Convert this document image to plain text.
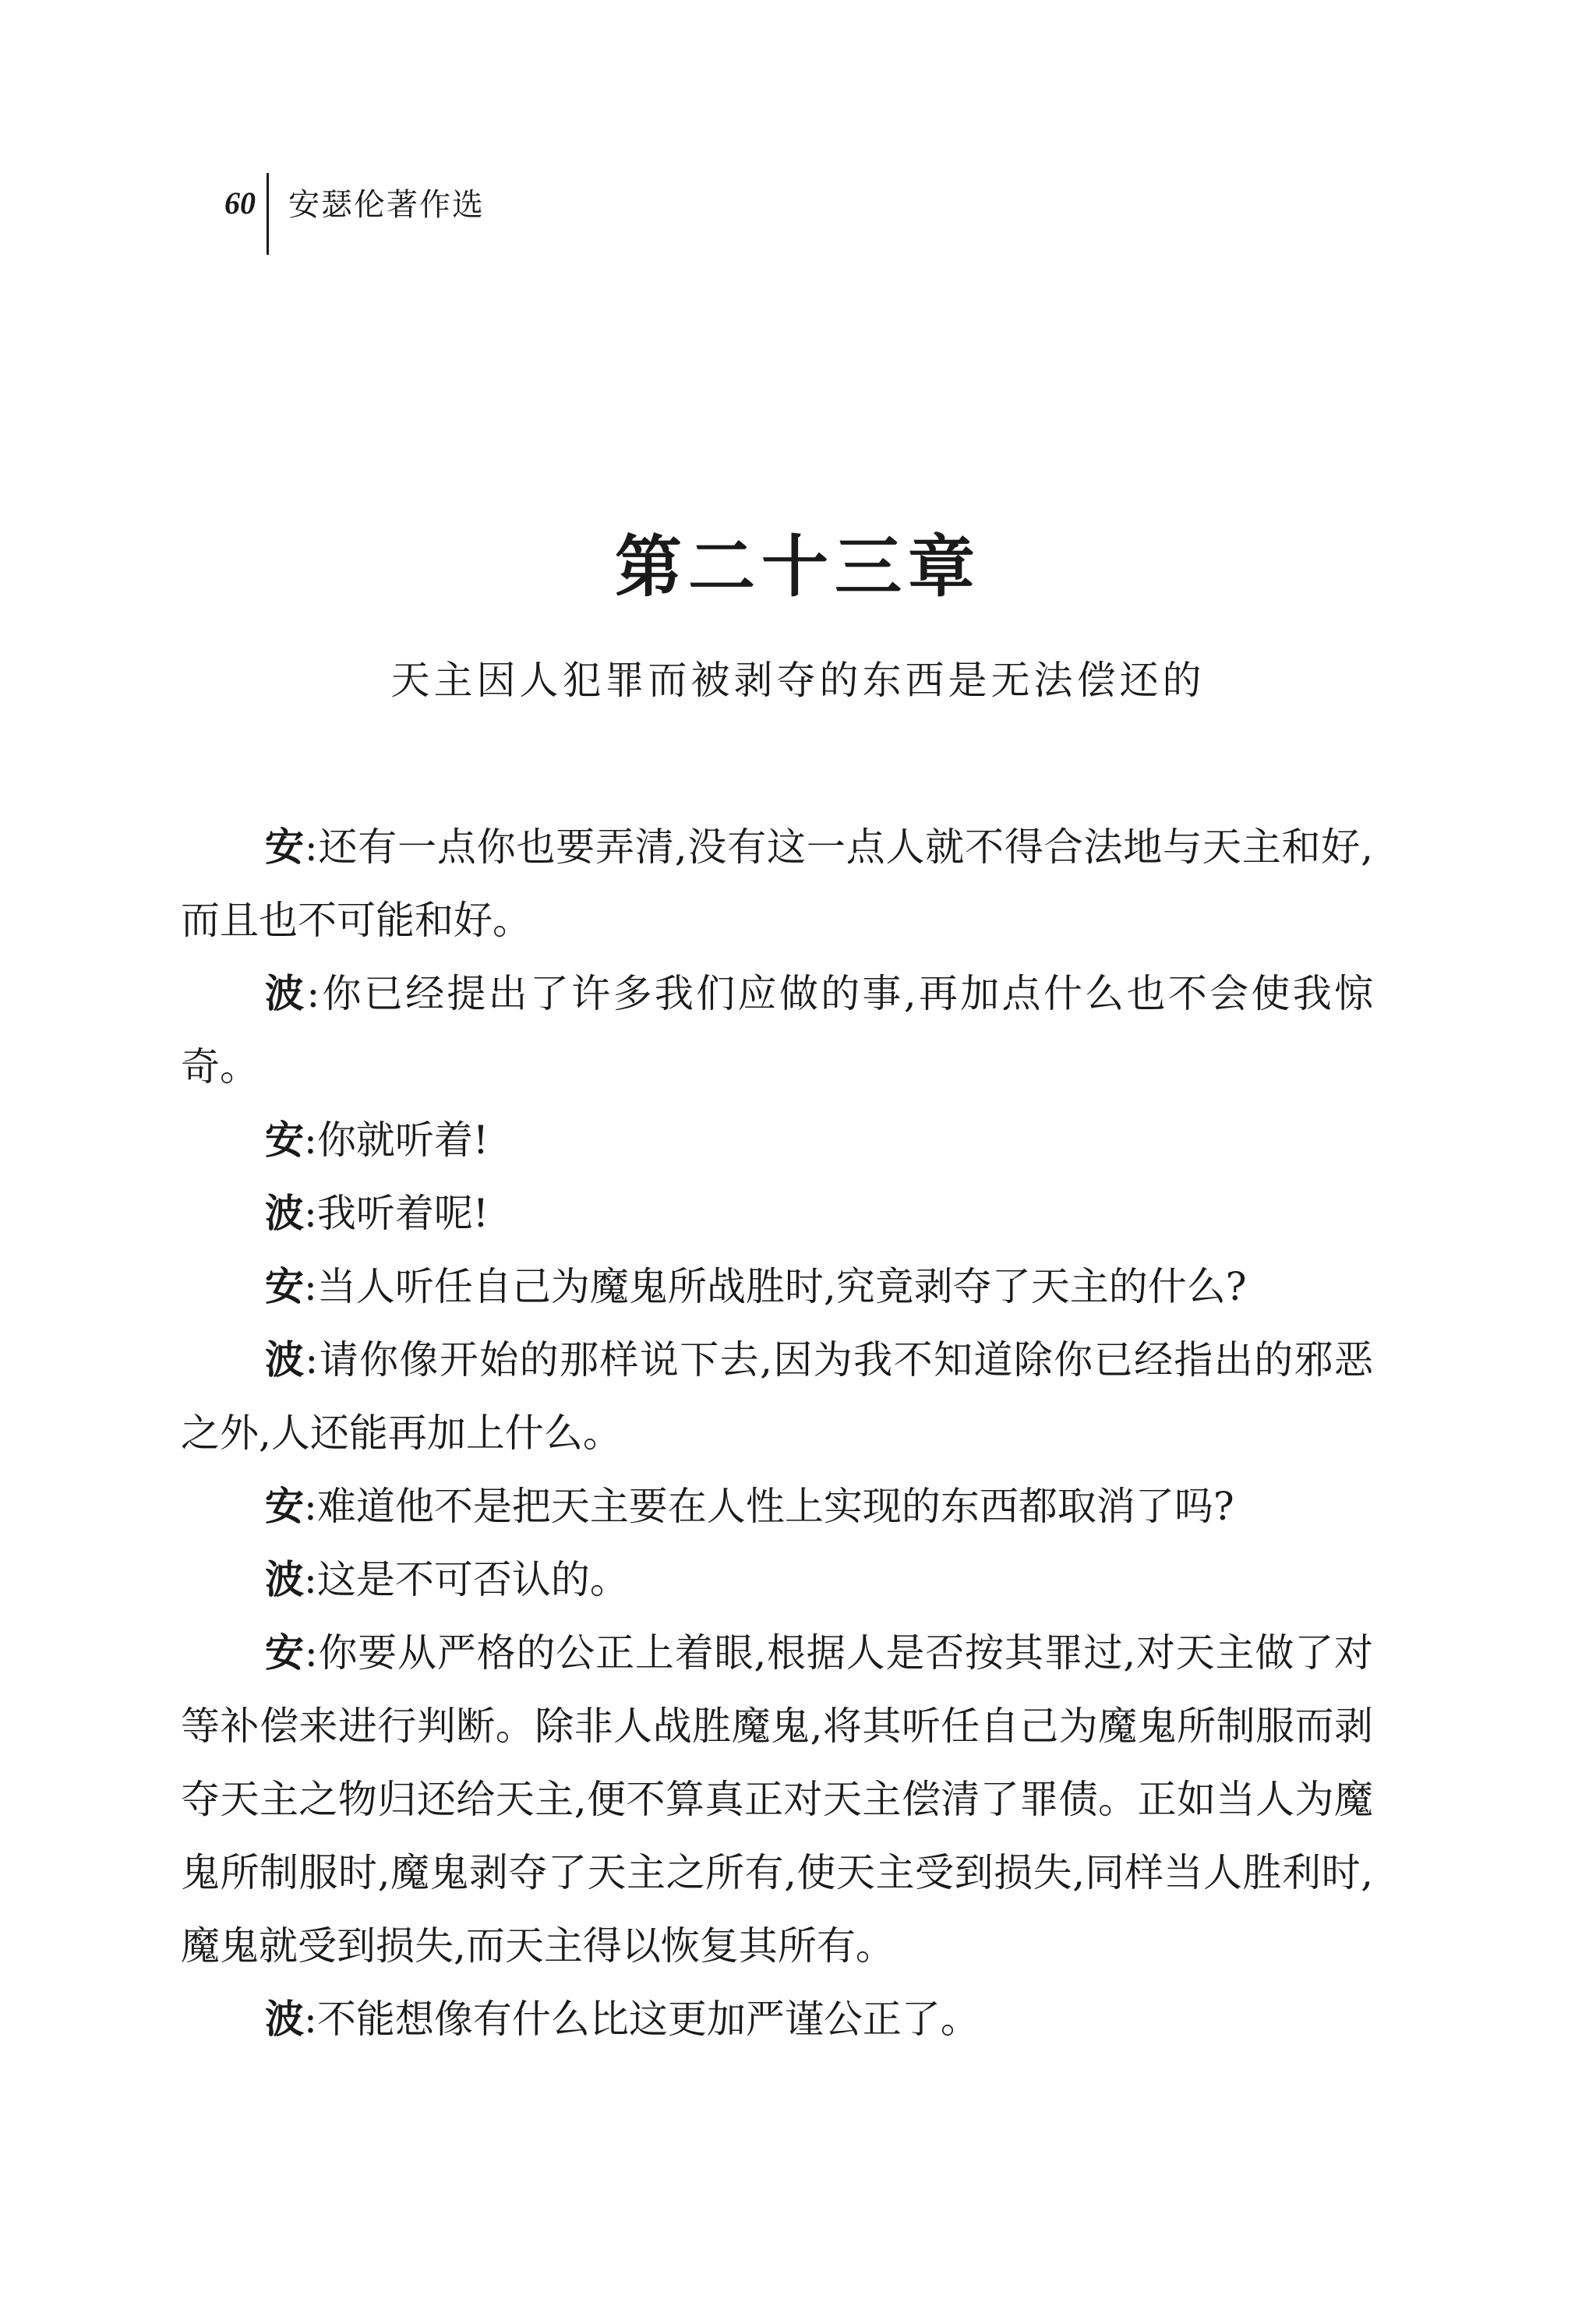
60 安瑟伦著作选
第二十三章
天主因人犯罪而被剥夺的东西是无法偿还的

安:还有一点你也要弄清,没有这一点人就不得合法地与天主和好,而且也不可能和好。

波:你已经提出了许多我们应做的事,再加点什么也不会使我惊奇。

安:你就听着!

波:我听着呢!

安:当人听任自己为魔鬼所战胜时,究竟剥夺了天主的什么?

波:请你像开始的那样说下去,因为我不知道除你已经指出的邪恶之外,人还能再加上什么。

安:难道他不是把天主要在人性上实现的东西都取消了吗?

波:这是不可否认的。

安:你要从严格的公正上着眼,根据人是否按其罪过,对天主做了对等补偿来进行判断。除非人战胜魔鬼,将其听任自己为魔鬼所制服而剥夺天主之物归还给天主,便不算真正对天主偿清了罪债。正如当人为魔鬼所制服时,魔鬼剥夺了天主之所有,使天主受到损失,同样当人胜利时,魔鬼就受到损失,而天主得以恢复其所有。

波:不能想像有什么比这更加严谨公正了。
